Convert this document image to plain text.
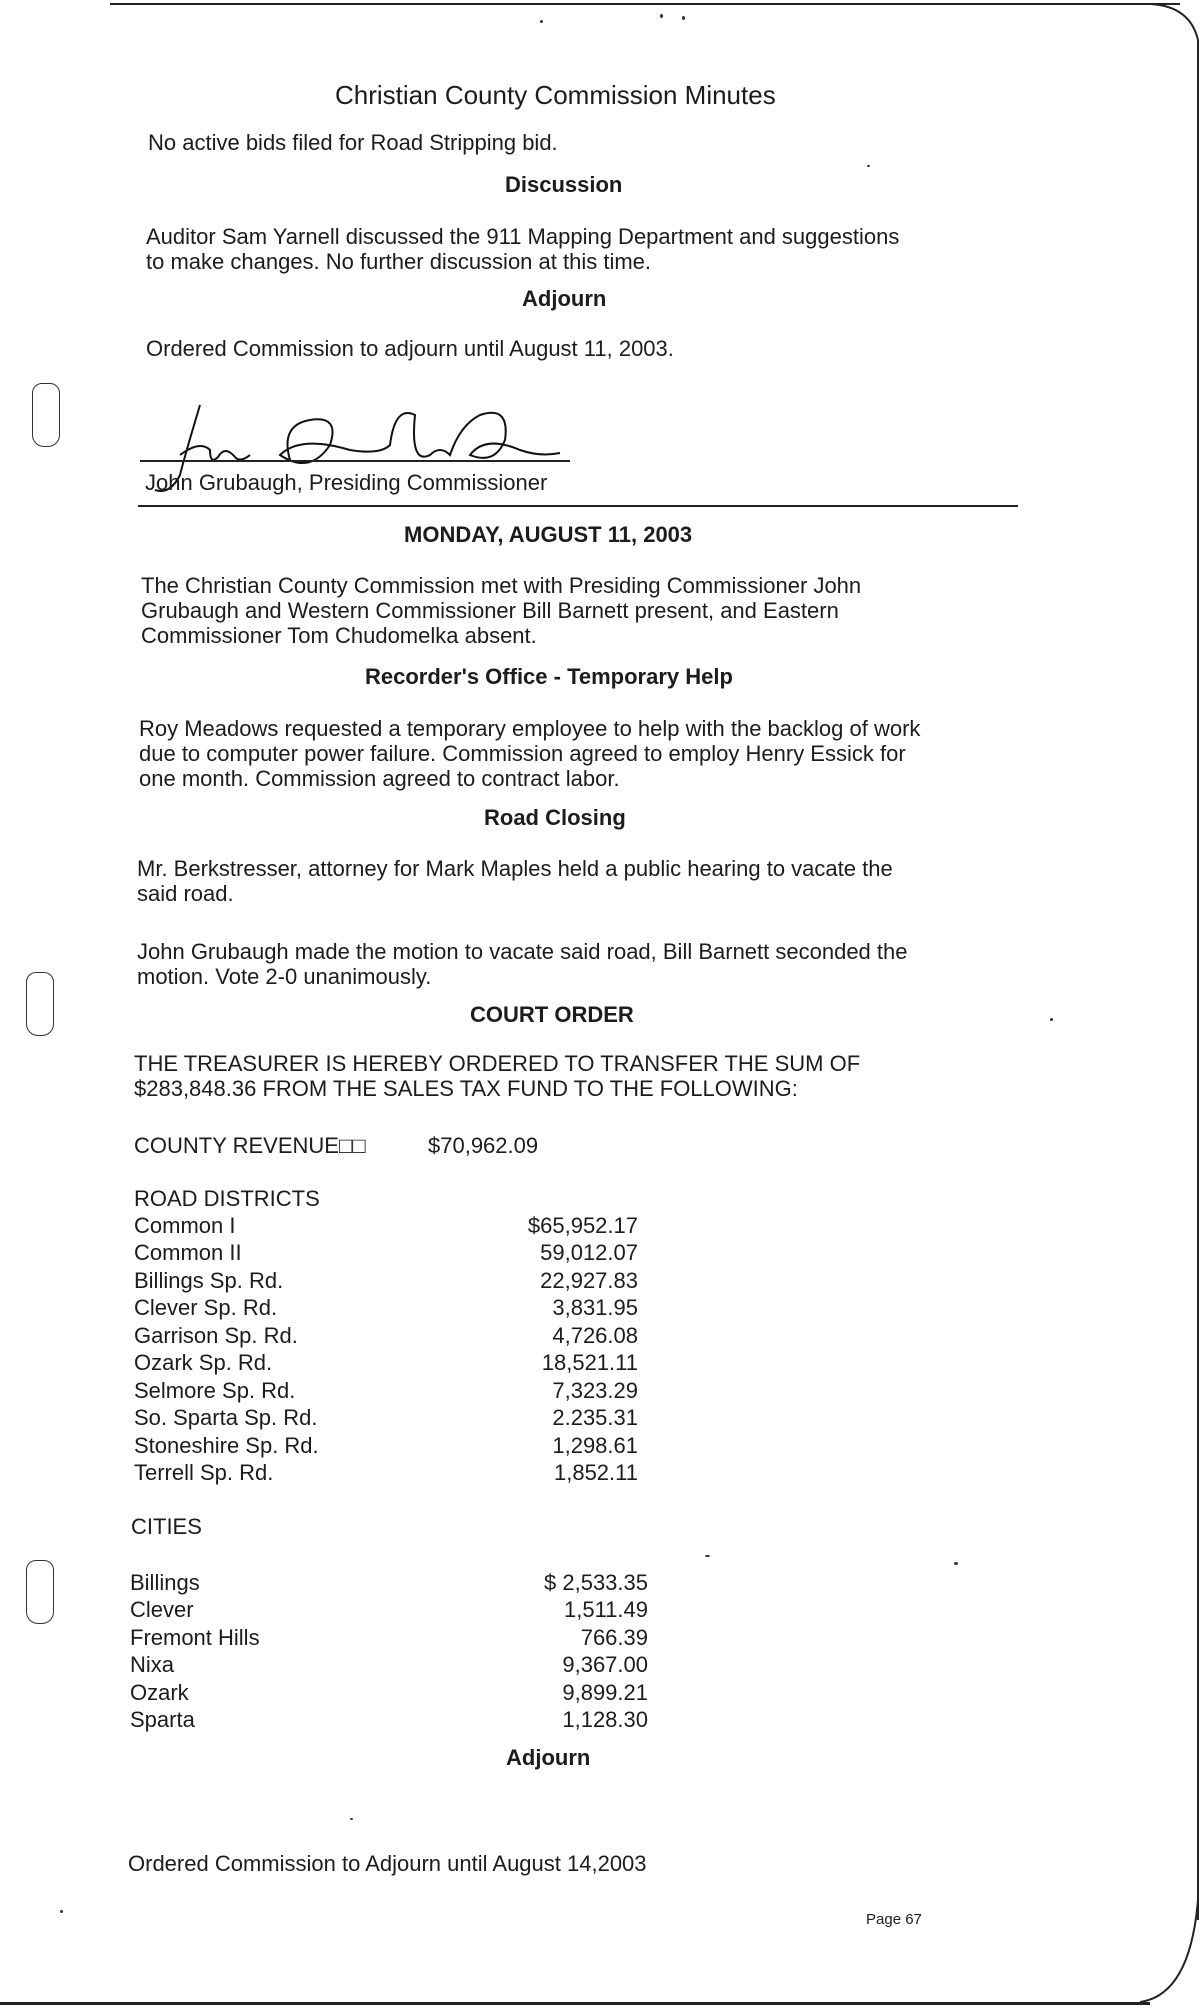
Christian County Commission Minutes
No active bids filed for Road Stripping bid.
Discussion
Auditor Sam Yarnell discussed the 911 Mapping Department and suggestions
to make changes. No further discussion at this time.
Adjourn
Ordered Commission to adjourn until August 11, 2003.
John Grubaugh, Presiding Commissioner
MONDAY, AUGUST 11, 2003
The Christian County Commission met with Presiding Commissioner John
Grubaugh and Western Commissioner Bill Barnett present, and Eastern
Commissioner Tom Chudomelka absent.
Recorder's Office - Temporary Help
Roy Meadows requested a temporary employee to help with the backlog of work
due to computer power failure. Commission agreed to employ Henry Essick for
one month. Commission agreed to contract labor.
Road Closing
Mr. Berkstresser, attorney for Mark Maples held a public hearing to vacate the
said road.
John Grubaugh made the motion to vacate said road, Bill Barnett seconded the
motion. Vote 2-0 unanimously.
COURT ORDER
THE TREASURER IS HEREBY ORDERED TO TRANSFER THE SUM OF
$283,848.36 FROM THE SALES TAX FUND TO THE FOLLOWING:
COUNTY REVENUE□□	$70,962.09
ROAD DISTRICTS
Common I	$65,952.17
Common II	59,012.07
Billings Sp. Rd.	22,927.83
Clever Sp. Rd.	3,831.95
Garrison Sp. Rd.	4,726.08
Ozark Sp. Rd.	18,521.11
Selmore Sp. Rd.	7,323.29
So. Sparta Sp. Rd.	2.235.31
Stoneshire Sp. Rd.	1,298.61
Terrell Sp. Rd.	1,852.11
CITIES
Billings	$ 2,533.35
Clever	1,511.49
Fremont Hills	766.39
Nixa	9,367.00
Ozark	9,899.21
Sparta	1,128.30
Adjourn
Ordered Commission to Adjourn until August 14,2003
Page 67
